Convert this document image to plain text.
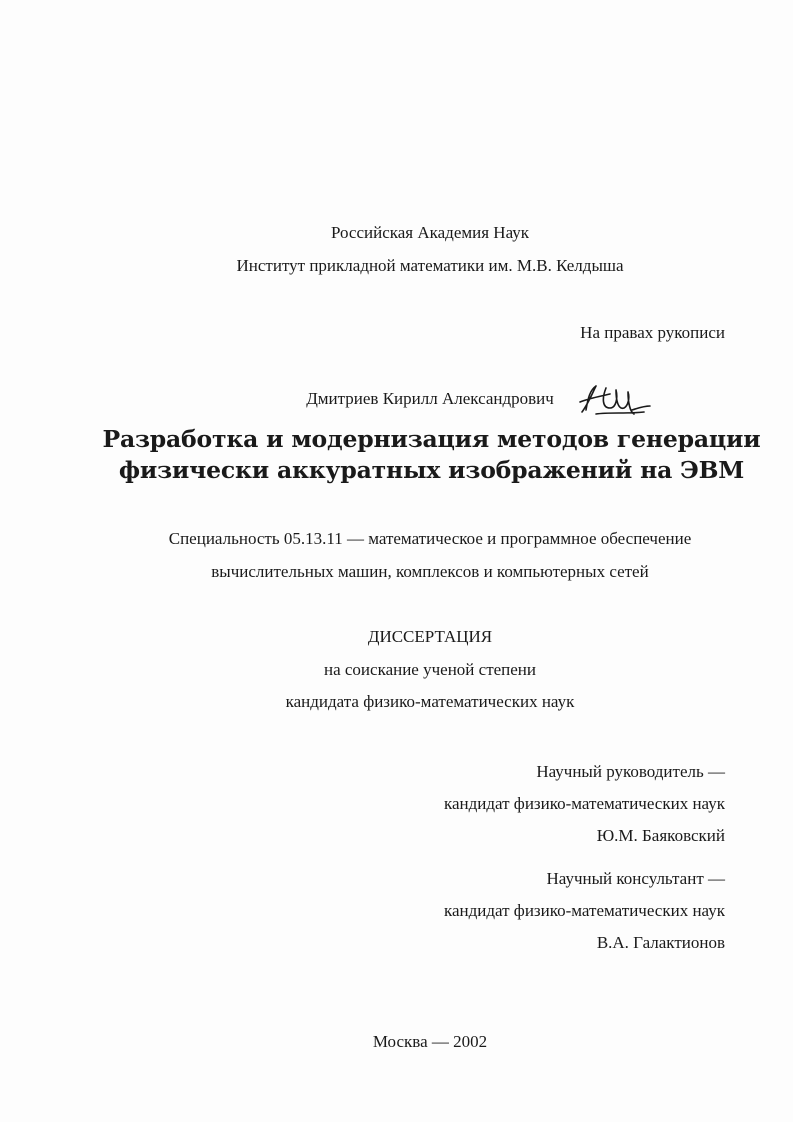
Российская Академия Наук
Институт прикладной математики им. М.В. Келдыша
На правах рукописи
Дмитриев Кирилл Александрович
Разработка и модернизация методов генерации
физически аккуратных изображений на ЭВМ
Специальность 05.13.11 — математическое и программное обеспечение
вычислительных машин, комплексов и компьютерных сетей
ДИССЕРТАЦИЯ
на соискание ученой степени
кандидата физико-математических наук
Научный руководитель —
кандидат физико-математических наук
Ю.М. Баяковский
Научный консультант —
кандидат физико-математических наук
В.А. Галактионов
Москва — 2002
